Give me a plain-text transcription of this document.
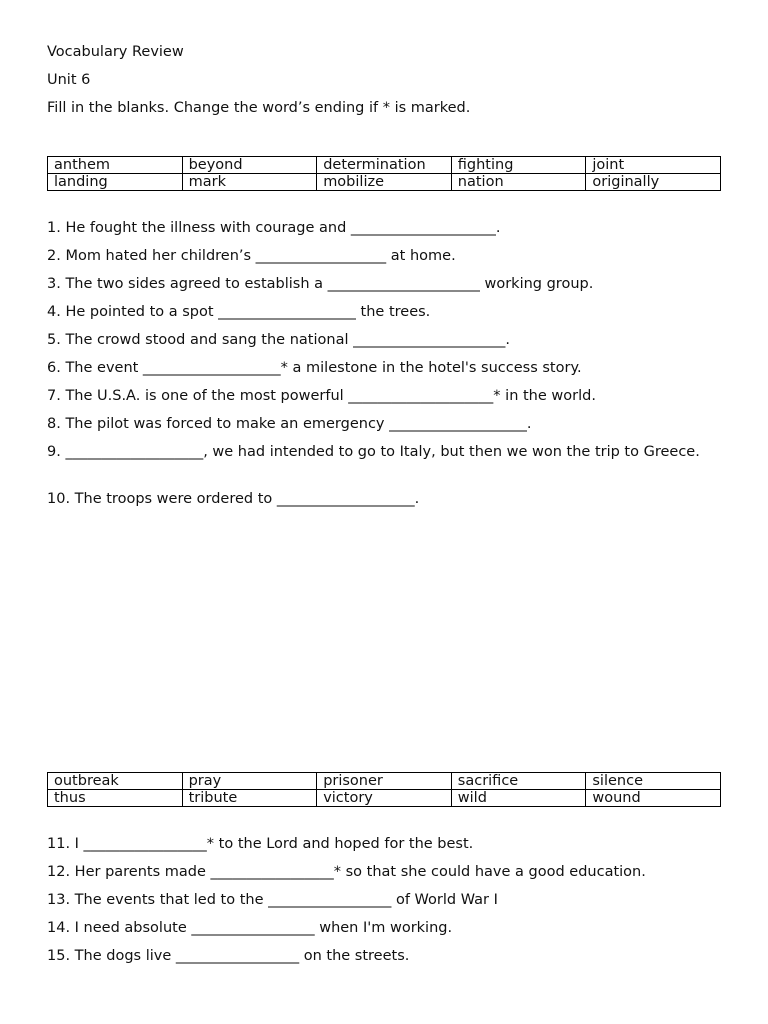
Vocabulary Review
Unit 6
Fill in the blanks. Change the word’s ending if * is marked.
anthem	beyond	determination	fighting	joint
landing	mark	mobilize	nation	originally
1. He fought the illness with courage and ____________________.
2. Mom hated her children’s __________________ at home.
3. The two sides agreed to establish a _____________________ working group.
4. He pointed to a spot ___________________ the trees.
5. The crowd stood and sang the national _____________________.
6. The event ___________________* a milestone in the hotel's success story.
7. The U.S.A. is one of the most powerful ____________________* in the world.
8. The pilot was forced to make an emergency ___________________.
9. ___________________, we had intended to go to Italy, but then we won the trip to Greece.
10. The troops were ordered to ___________________.
outbreak	pray	prisoner	sacrifice	silence
thus	tribute	victory	wild	wound
11. I _________________* to the Lord and hoped for the best.
12. Her parents made _________________* so that she could have a good education.
13. The events that led to the _________________ of World War I
14. I need absolute _________________ when I'm working.
15. The dogs live _________________ on the streets.
